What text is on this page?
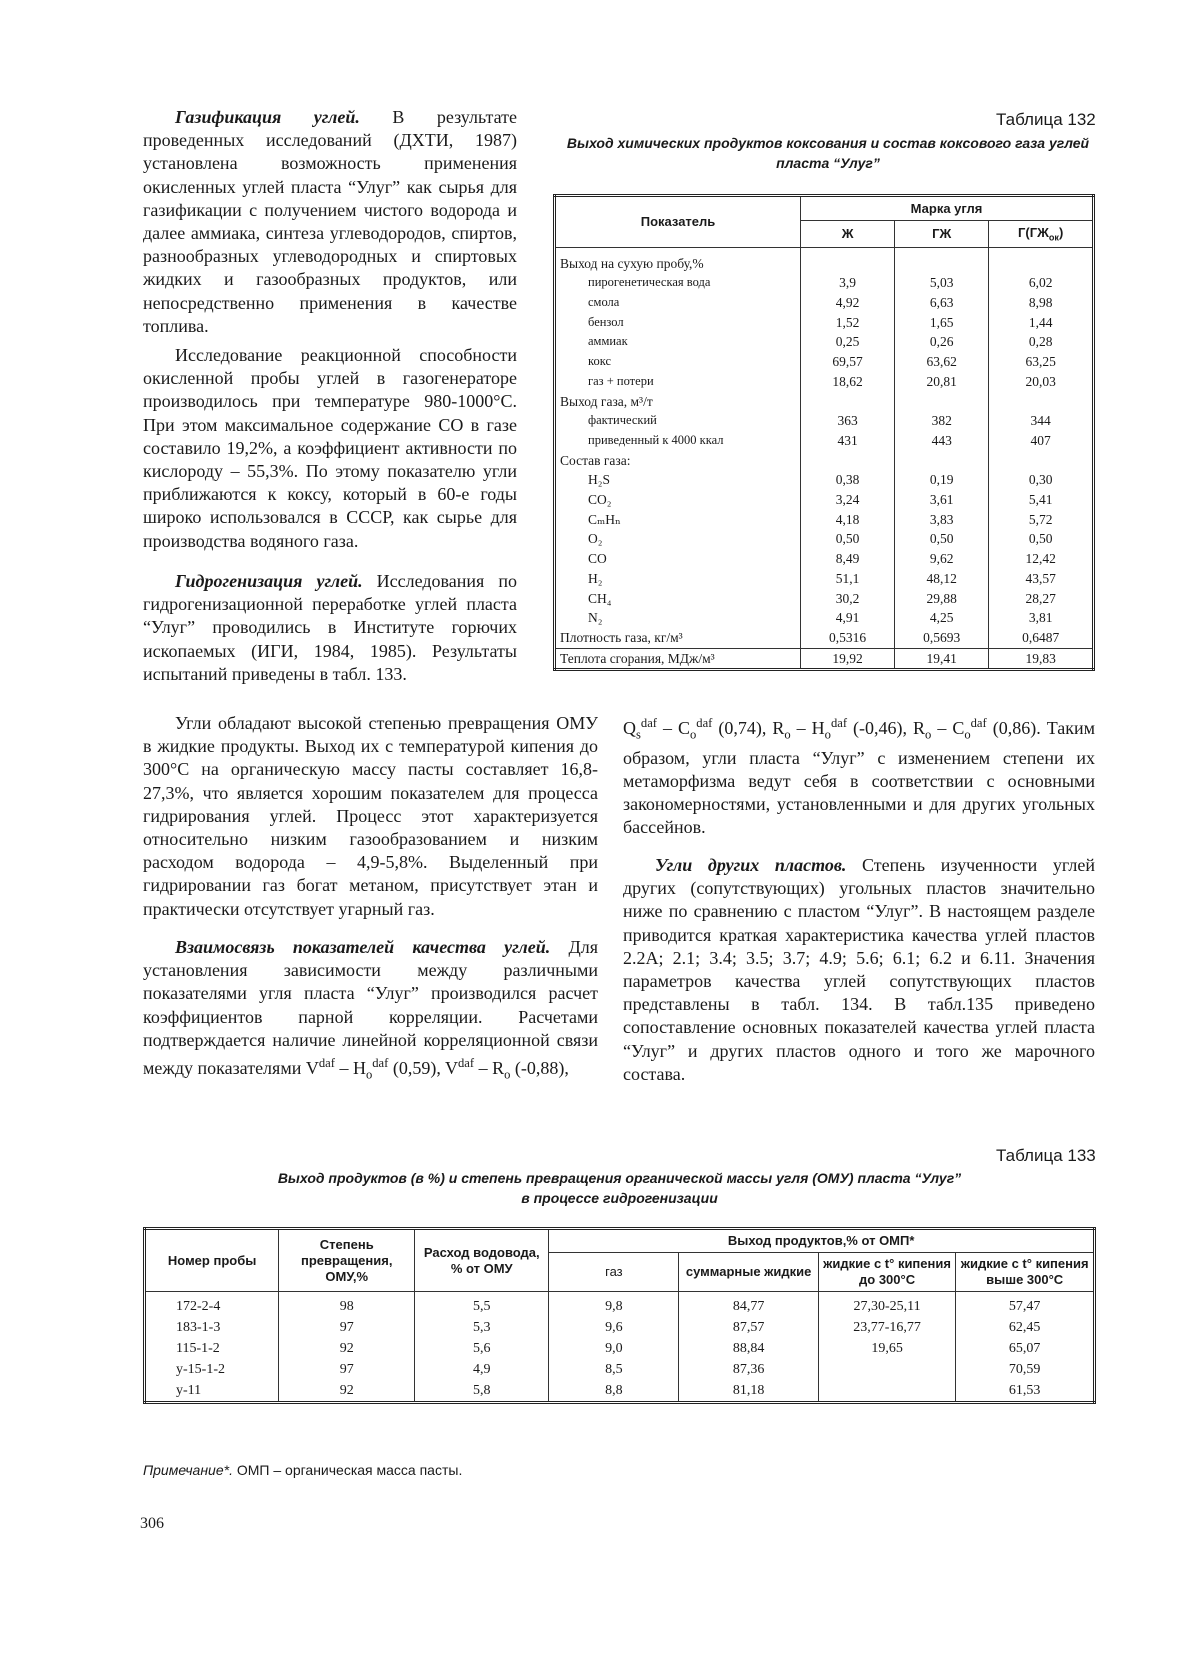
Газификация углей. В результате проведенных исследований (ДХТИ, 1987) установлена возможность применения окисленных углей пласта “Улуг” как сырья для газификации с получением чистого водорода и далее аммиака, синтеза углеводородов, спиртов, разнообразных углеводородных и спиртовых жидких и газообразных продуктов, или непосредственно применения в качестве топлива.

Исследование реакционной способности окисленной пробы углей в газогенераторе производилось при температуре 980-1000°С. При этом максимальное содержание СО в газе составило 19,2%, а коэффициент активности по кислороду – 55,3%. По этому показателю угли приближаются к коксу, который в 60-е годы широко использовался в СССР, как сырье для производства водяного газа.

Гидрогенизация углей. Исследования по гидрогенизационной переработке углей пласта “Улуг” проводились в Институте горючих ископаемых (ИГИ, 1984, 1985). Результаты испытаний приведены в табл. 133.

Угли обладают высокой степенью превращения ОМУ в жидкие продукты. Выход их с температурой кипения до 300°С на органическую массу пасты составляет 16,8-27,3%, что является хорошим показателем для процесса гидрирования углей. Процесс этот характеризуется относительно низким газообразованием и низким расходом водорода – 4,9-5,8%. Выделенный при гидрировании газ богат метаном, присутствует этан и практически отсутствует угарный газ.

Взаимосвязь показателей качества углей. Для установления зависимости между различными показателями угля пласта “Улуг” производился расчет коэффициентов парной корреляции. Расчетами подтверждается наличие линейной корреляционной связи между показателями $V^{daf} - H_o^{daf}$ (0,59), $V^{daf} - R_o$ (-0,88),

$Q_s^{daf} - C_o^{daf}$ (0,74), $R_o - H_o^{daf}$ (-0,46), $R_o - C_o^{daf}$ (0,86). Таким образом, угли пласта “Улуг” с изменением степени их метаморфизма ведут себя в соответствии с основными закономерностями, установленными и для других угольных бассейнов.

Угли других пластов. Степень изученности углей других (сопутствующих) угольных пластов значительно ниже по сравнению с пластом “Улуг”. В настоящем разделе приводится краткая характеристика качества углей пластов 2.2А; 2.1; 3.4; 3.5; 3.7; 4.9; 5.6; 6.1; 6.2 и 6.11. Значения параметров качества углей сопутствующих пластов представлены в табл. 134. В табл.135 приведено сопоставление основных показателей качества углей пласта “Улуг” и других пластов одного и того же марочного состава.

Таблица 132
Выход химических продуктов коксования и состав коксового газа углей пласта “Улуг”
Показатель	Марка угля		
	Ж	ГЖ	$Г(ГЖ_{ок})$
Выход на сухую пробу,%			
пирогенетическая вода	3,9	5,03	6,02
смола	4,92	6,63	8,98
бензол	1,52	1,65	1,44
аммиак	0,25	0,26	0,28
кокс	69,57	63,62	63,25
газ + потери	18,62	20,81	20,03
Выход газа, м³/т			
фактический	363	382	344
приведенный к 4000 ккал	431	443	407
Состав газа:			
H₂S	0,38	0,19	0,30
CO₂	3,24	3,61	5,41
CₘHₙ	4,18	3,83	5,72
O₂	0,50	0,50	0,50
CO	8,49	9,62	12,42
H₂	51,1	48,12	43,57
CH₄	30,2	29,88	28,27
N₂	4,91	4,25	3,81
Плотность газа, кг/м³	0,5316	0,5693	0,6487
Теплота сгорания, МДж/м³	19,92	19,41	19,83
Таблица 133
Выход продуктов (в %) и степень превращения органической массы угля (ОМУ) пласта “Улуг”
в процессе гидрогенизации
Номер пробы	Степень превращения, ОМУ,%	Расход водовода, % от ОМУ	Выход продуктов,% от ОМП*			
			газ	суммарные жидкие	жидкие с t° кипения до 300°С	жидкие с t° кипения выше 300°С
172-2-4	98	5,5	9,8	84,77	27,30-25,11	57,47
183-1-3	97	5,3	9,6	87,57	23,77-16,77	62,45
115-1-2	92	5,6	9,0	88,84	19,65	65,07
у-15-1-2	97	4,9	8,5	87,36		70,59
у-11	92	5,8	8,8	81,18		61,53
Примечание*. ОМП – органическая масса пасты.
306
